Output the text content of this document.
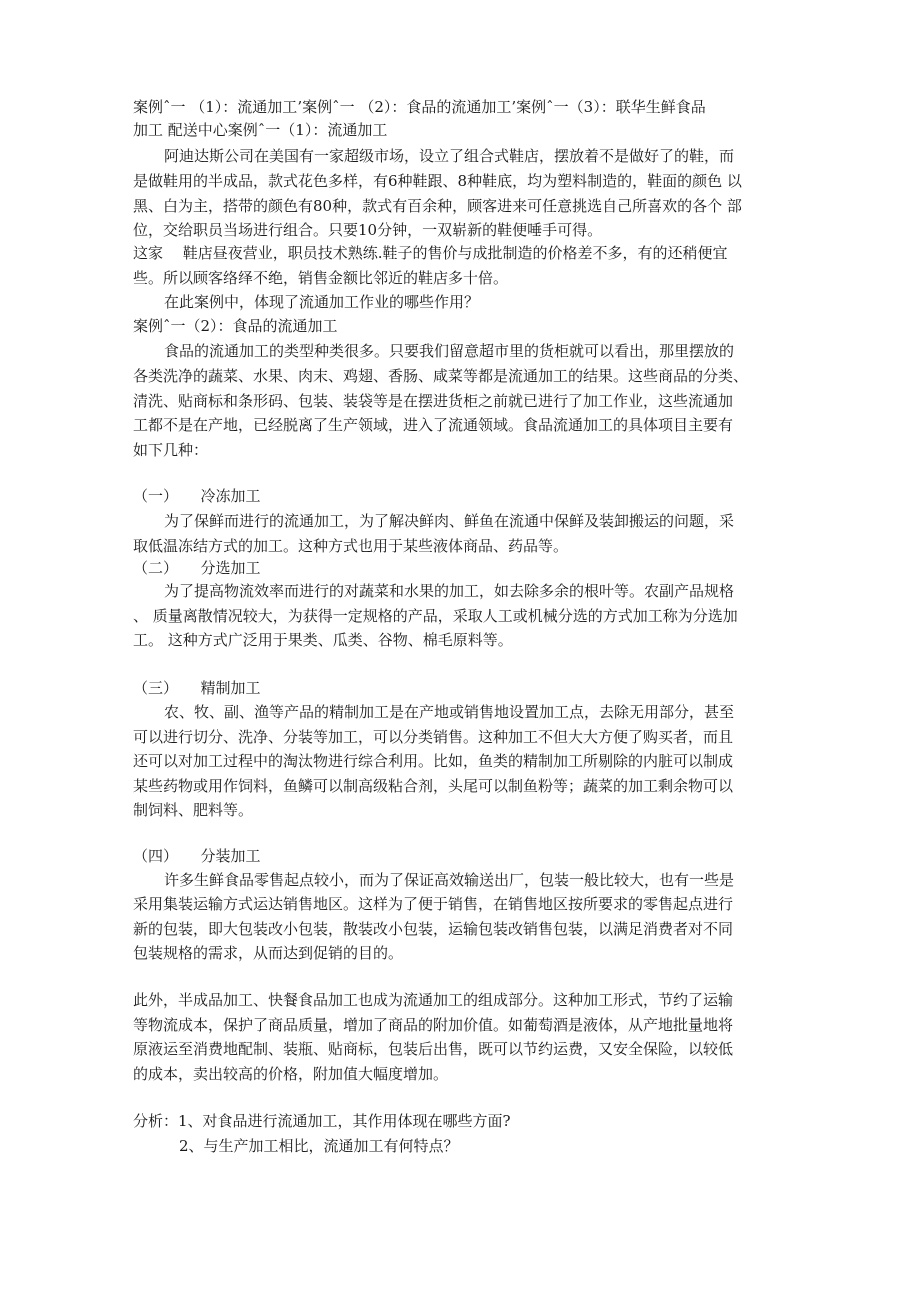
案例ˆ一 （1）：流通加工’案例ˆ一 （2）：食品的流通加工’案例ˆ一（3）：联华生鲜食品
加工 配送中心案例ˆ一（1）：流通加工
阿迪达斯公司在美国有一家超级市场，设立了组合式鞋店，摆放着不是做好了的鞋，而
是做鞋用的半成品，款式花色多样，有6种鞋跟、8种鞋底，均为塑料制造的，鞋面的颜色 以
黑、白为主，搭带的颜色有80种，款式有百余种，顾客进来可任意挑选自己所喜欢的各个 部
位，交给职员当场进行组合。只要10分钟，一双崭新的鞋便唾手可得。
这家　 鞋店昼夜营业，职员技术熟练.鞋子的售价与成批制造的价格差不多，有的还稍便宜
些。所以顾客络绎不绝，销售金额比邻近的鞋店多十倍。
在此案例中，体现了流通加工作业的哪些作用？
案例ˆ一（2）：食品的流通加工
食品的流通加工的类型种类很多。只要我们留意超市里的货柜就可以看出，那里摆放的
各类洗净的蔬菜、水果、肉末、鸡翅、香肠、咸菜等都是流通加工的结果。这些商品的分类、
清洗、贴商标和条形码、包装、装袋等是在摆进货柜之前就已进行了加工作业，这些流通加
工都不是在产地，已经脱离了生产领域，进入了流通领域。食品流通加工的具体项目主要有
如下几种：
（一）　　冷冻加工
为了保鲜而进行的流通加工，为了解决鲜肉、鲜鱼在流通中保鲜及装卸搬运的问题，采
取低温冻结方式的加工。这种方式也用于某些液体商品、药品等。
（二）　　分选加工
为了提高物流效率而进行的对蔬菜和水果的加工，如去除多余的根叶等。农副产品规格
、 质量离散情况较大，为获得一定规格的产品，采取人工或机械分选的方式加工称为分选加
工。 这种方式广泛用于果类、瓜类、谷物、棉毛原料等。
（三）　　精制加工
农、牧、副、渔等产品的精制加工是在产地或销售地设置加工点，去除无用部分，甚至
可以进行切分、洗净、分装等加工，可以分类销售。这种加工不但大大方便了购买者，而且
还可以对加工过程中的淘汰物进行综合利用。比如，鱼类的精制加工所剔除的内脏可以制成
某些药物或用作饲料，鱼鳞可以制高级粘合剂，头尾可以制鱼粉等；蔬菜的加工剩余物可以
制饲料、肥料等。
（四）　　分装加工
许多生鲜食品零售起点较小，而为了保证高效输送出厂，包装一般比较大，也有一些是
采用集装运输方式运达销售地区。这样为了便于销售，在销售地区按所要求的零售起点进行
新的包装，即大包装改小包装，散装改小包装，运输包装改销售包装，以满足消费者对不同
包装规格的需求，从而达到促销的目的。
此外，半成品加工、快餐食品加工也成为流通加工的组成部分。这种加工形式，节约了运输
等物流成本，保护了商品质量，增加了商品的附加价值。如葡萄酒是液体，从产地批量地将
原液运至消费地配制、装瓶、贴商标，包装后出售，既可以节约运费，又安全保险，以较低
的成本，卖出较高的价格，附加值大幅度增加。
分析：1、对食品进行流通加工，其作用体现在哪些方面?
2、与生产加工相比，流通加工有何特点？
